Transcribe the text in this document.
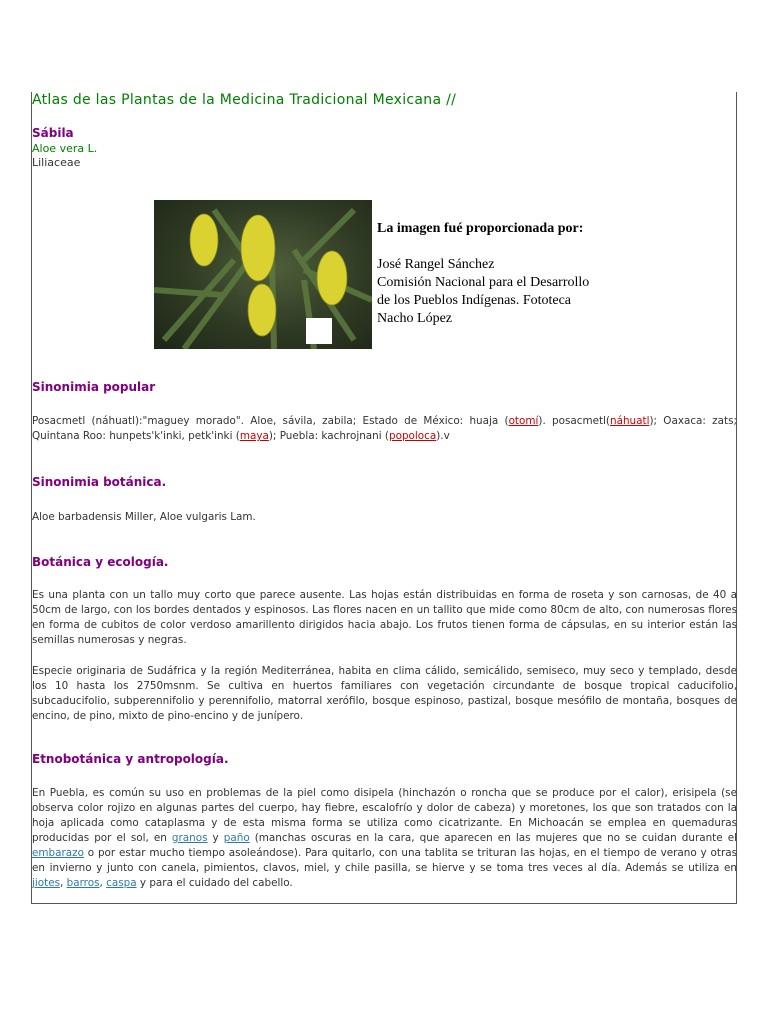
Atlas de las Plantas de la Medicina Tradicional Mexicana //
Sábila
Aloe vera L.
Liliaceae
CDI
La imagen fué proporcionada por:
José Rangel Sánchez
Comisión Nacional para el Desarrollo
de los Pueblos Indígenas. Fototeca
Nacho López
Sinonimia popular
Posacmetl (náhuatl):"maguey morado". Aloe, sávila, zabila; Estado de México: huaja (otomí). posacmetl(náhuatl); Oaxaca: zats; Quintana Roo: hunpets'k'inki, petk'inki (maya); Puebla: kachrojnani (popoloca).v
Sinonimia botánica.
Aloe barbadensis Miller, Aloe vulgaris Lam.
Botánica y ecología.
Es una planta con un tallo muy corto que parece ausente. Las hojas están distribuidas en forma de roseta y son carnosas, de 40 a 50cm de largo, con los bordes dentados y espinosos. Las flores nacen en un tallito que mide como 80cm de alto, con numerosas flores en forma de cubitos de color verdoso amarillento dirigidos hacia abajo. Los frutos tienen forma de cápsulas, en su interior están las semillas numerosas y negras.
Especie originaria de Sudáfrica y la región Mediterránea, habita en clima cálido, semicálido, semiseco, muy seco y templado, desde los 10 hasta los 2750msnm. Se cultiva en huertos familiares con vegetación circundante de bosque tropical caducifolio, subcaducifolio, subperennifolio y perennifolio, matorral xerófilo, bosque espinoso, pastizal, bosque mesófilo de montaña, bosques de encino, de pino, mixto de pino-encino y de junípero.
Etnobotánica y antropología.
En Puebla, es común su uso en problemas de la piel como disipela (hinchazón o roncha que se produce por el calor), erisipela (se observa color rojizo en algunas partes del cuerpo, hay fiebre, escalofrío y dolor de cabeza) y moretones, los que son tratados con la hoja aplicada como cataplasma y de esta misma forma se utiliza como cicatrizante. En Michoacán se emplea en quemaduras producidas por el sol, en granos y paño (manchas oscuras en la cara, que aparecen en las mujeres que no se cuidan durante el embarazo o por estar mucho tiempo asoleándose). Para quitarlo, con una tablita se trituran las hojas, en el tiempo de verano y otras en invierno y junto con canela, pimientos, clavos, miel, y chile pasilla, se hierve y se toma tres veces al día. Además se utiliza en jiotes, barros, caspa y para el cuidado del cabello.
